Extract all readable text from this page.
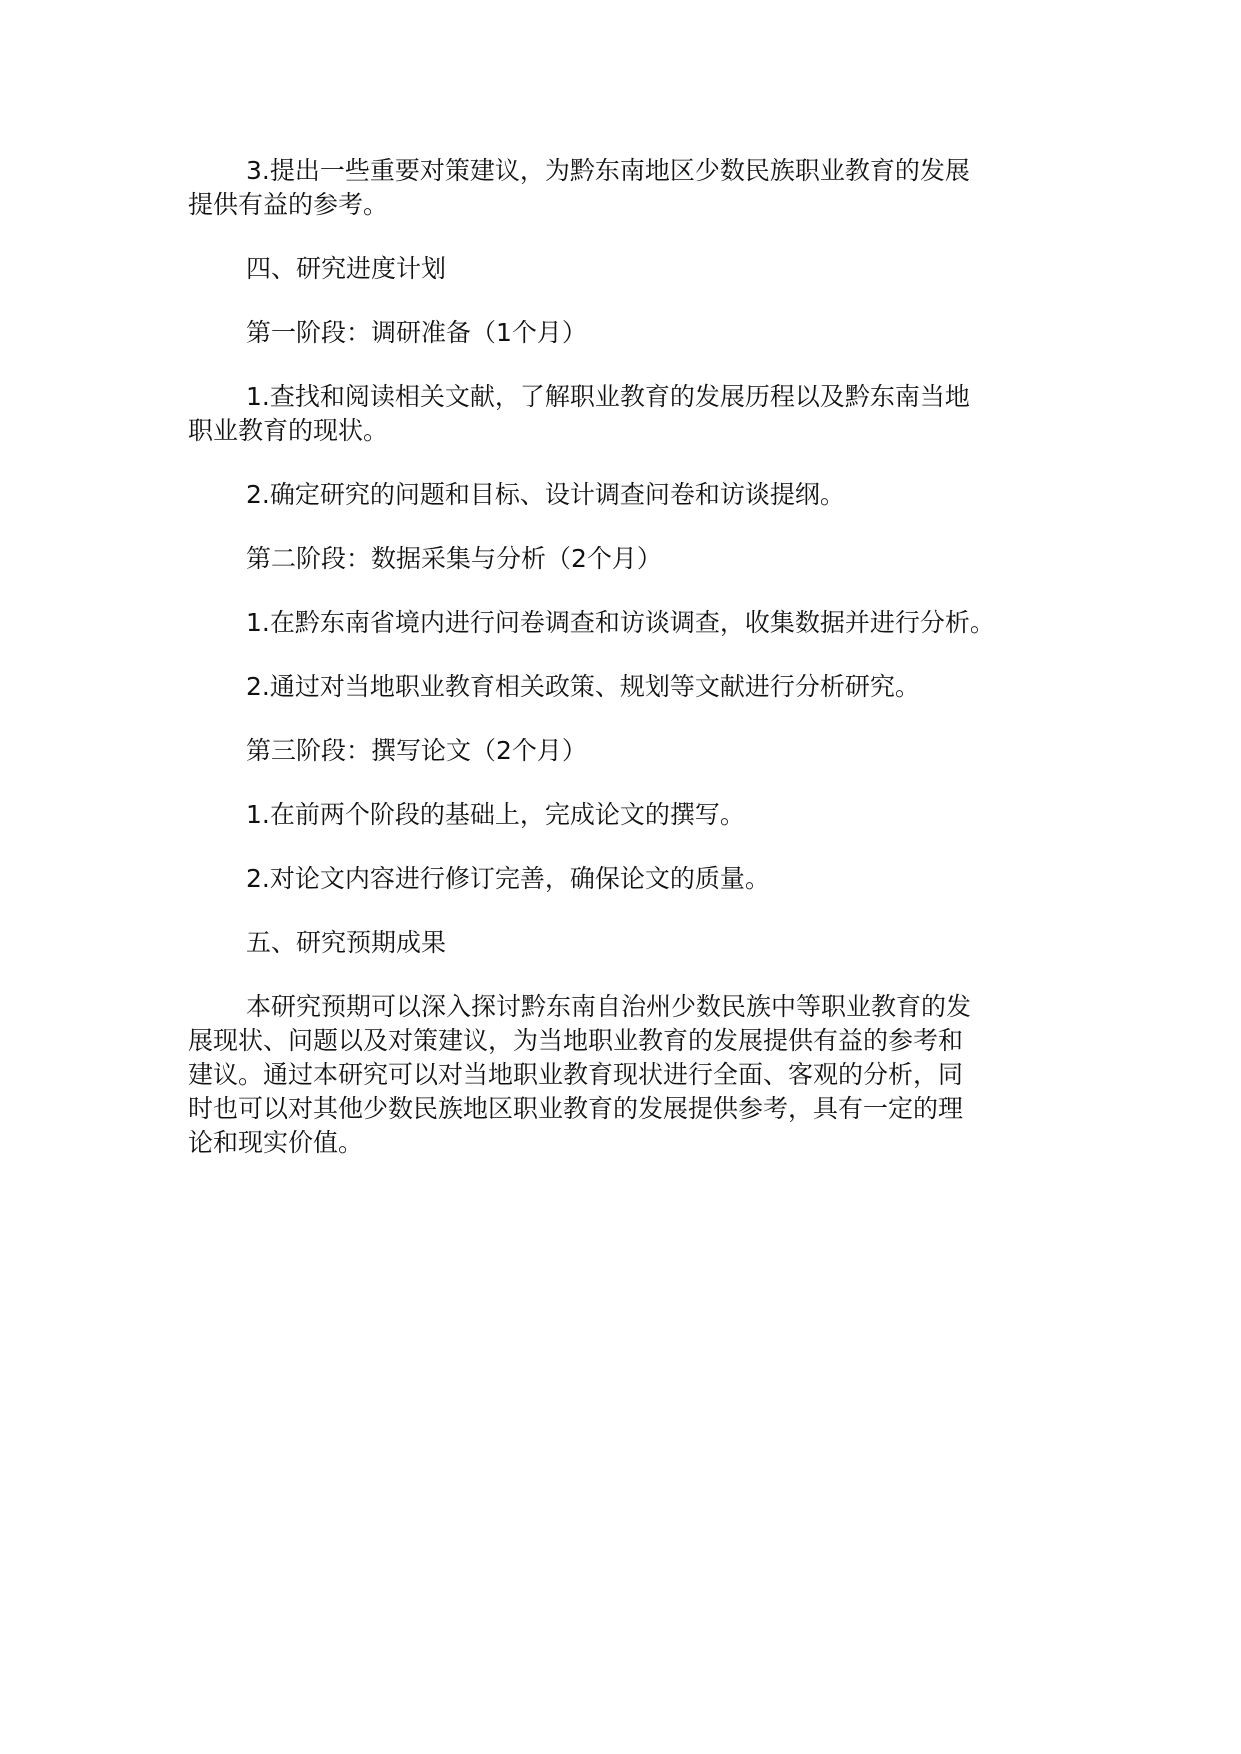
3.提出一些重要对策建议，为黔东南地区少数民族职业教育的发展
提供有益的参考。
四、研究进度计划
第一阶段：调研准备（1个月）
1.查找和阅读相关文献，了解职业教育的发展历程以及黔东南当地
职业教育的现状。
2.确定研究的问题和目标、设计调查问卷和访谈提纲。
第二阶段：数据采集与分析（2个月）
1.在黔东南省境内进行问卷调查和访谈调查，收集数据并进行分析。
2.通过对当地职业教育相关政策、规划等文献进行分析研究。
第三阶段：撰写论文（2个月）
1.在前两个阶段的基础上，完成论文的撰写。
2.对论文内容进行修订完善，确保论文的质量。
五、研究预期成果
本研究预期可以深入探讨黔东南自治州少数民族中等职业教育的发
展现状、问题以及对策建议，为当地职业教育的发展提供有益的参考和
建议。通过本研究可以对当地职业教育现状进行全面、客观的分析，同
时也可以对其他少数民族地区职业教育的发展提供参考，具有一定的理
论和现实价值。
